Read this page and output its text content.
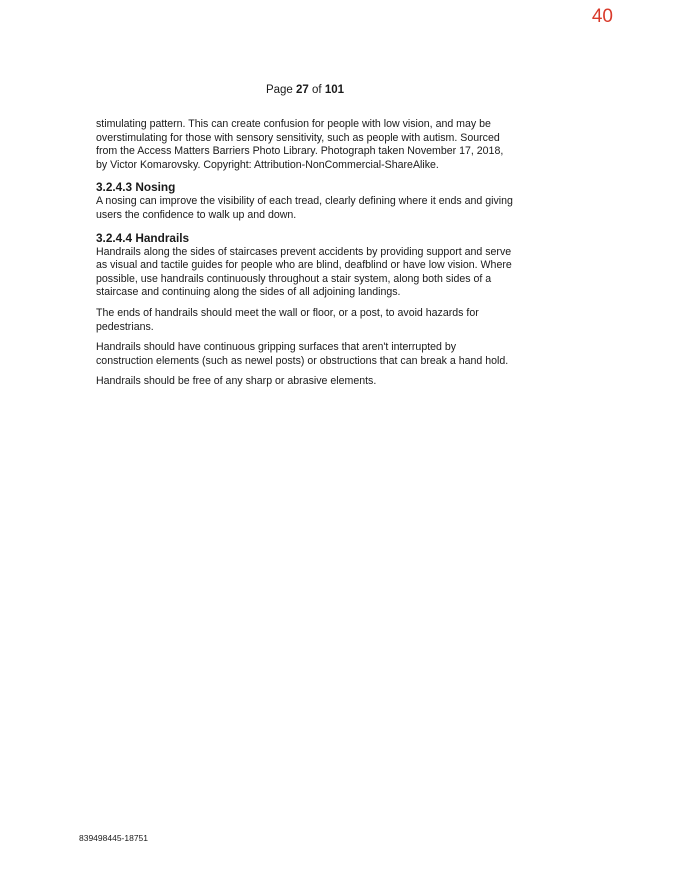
40
Page 27 of 101

stimulating pattern. This can create confusion for people with low vision, and may be overstimulating for those with sensory sensitivity, such as people with autism. Sourced from the Access Matters Barriers Photo Library. Photograph taken November 17, 2018, by Victor Komarovsky. Copyright: Attribution-NonCommercial-ShareAlike.

3.2.4.3 Nosing

A nosing can improve the visibility of each tread, clearly defining where it ends and giving users the confidence to walk up and down.

3.2.4.4 Handrails

Handrails along the sides of staircases prevent accidents by providing support and serve as visual and tactile guides for people who are blind, deafblind or have low vision. Where possible, use handrails continuously throughout a stair system, along both sides of a staircase and continuing along the sides of all adjoining landings.

The ends of handrails should meet the wall or floor, or a post, to avoid hazards for pedestrians.

Handrails should have continuous gripping surfaces that aren't interrupted by construction elements (such as newel posts) or obstructions that can break a hand hold.

Handrails should be free of any sharp or abrasive elements.

839498445-18751
